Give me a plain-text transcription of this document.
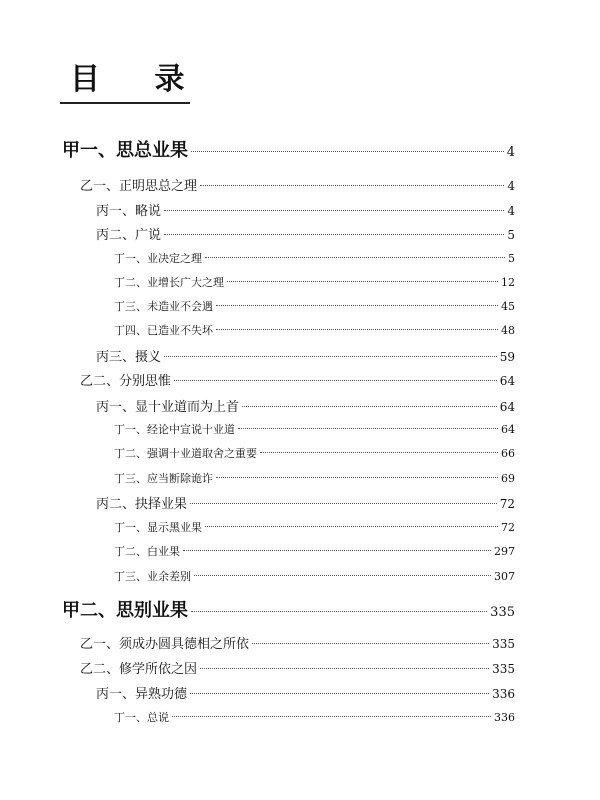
目 录
甲一、思总业果	4
乙一、正明思总之理	4
丙一、略说	4
丙二、广说	5
丁一、业决定之理	5
丁二、业增长广大之理	12
丁三、未造业不会遇	45
丁四、已造业不失坏	48
丙三、摄义	59
乙二、分别思惟	64
丙一、显十业道而为上首	64
丁一、经论中宣说十业道	64
丁二、强调十业道取舍之重要	66
丁三、应当断除诡诈	69
丙二、抉择业果	72
丁一、显示黑业果	72
丁二、白业果	297
丁三、业余差别	307
甲二、思别业果	335
乙一、须成办圆具德相之所依	335
乙二、修学所依之因	335
丙一、异熟功德	336
丁一、总说	336
